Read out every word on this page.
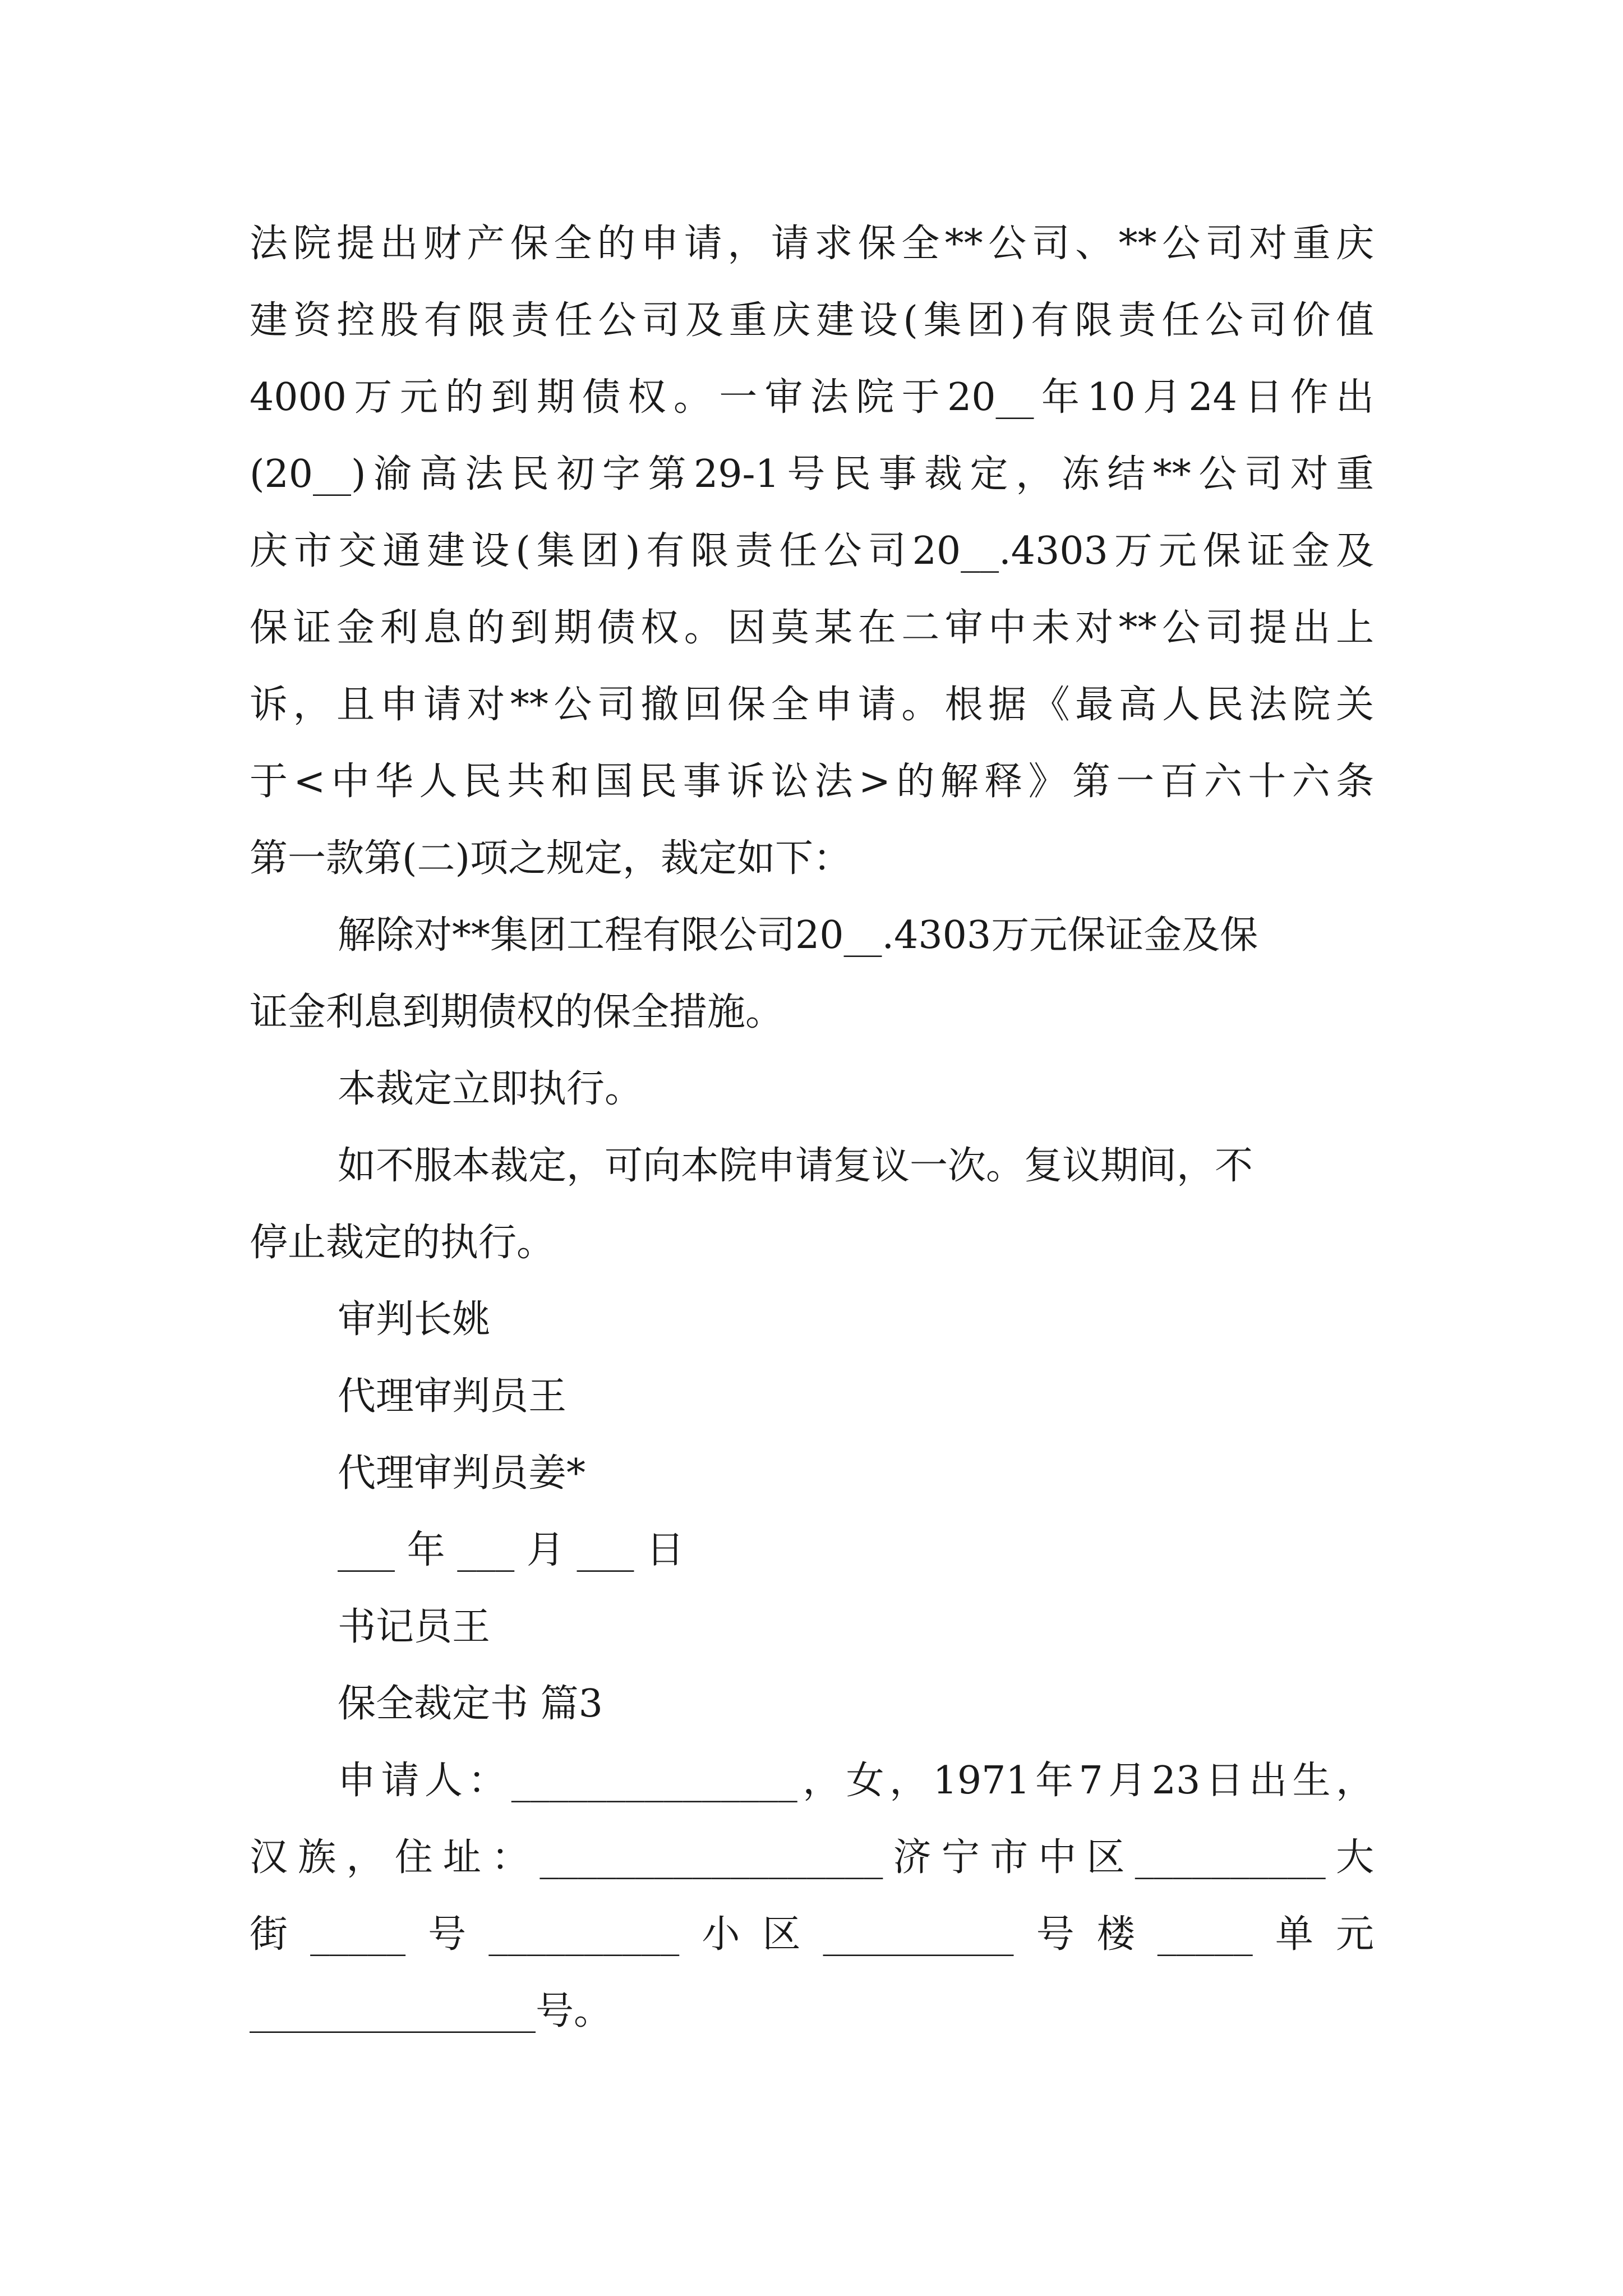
法院提出财产保全的申请，请求保全**公司、**公司对重庆

建资控股有限责任公司及重庆建设(集团)有限责任公司价值

4000万元的到期债权。一审法院于20__年10月24日作出

(20__)渝高法民初字第29-1号民事裁定，冻结**公司对重

庆市交通建设(集团)有限责任公司20__.4303万元保证金及

保证金利息的到期债权。因莫某在二审中未对**公司提出上

诉，且申请对**公司撤回保全申请。根据《最高人民法院关

于<中华人民共和国民事诉讼法>的解释》第一百六十六条

第一款第(二)项之规定，裁定如下：

解除对**集团工程有限公司20__.4303万元保证金及保

证金利息到期债权的保全措施。

本裁定立即执行。

如不服本裁定，可向本院申请复议一次。复议期间，不

停止裁定的执行。

审判长姚

代理审判员王

代理审判员姜*

___ 年 ___ 月 ___ 日

书记员王

保全裁定书 篇3

申请人：_______________，女，1971年7月23日出生，

汉族，住址：__________________济宁市中区__________大

街_____号__________小区__________号楼_____单元

_______________号。
